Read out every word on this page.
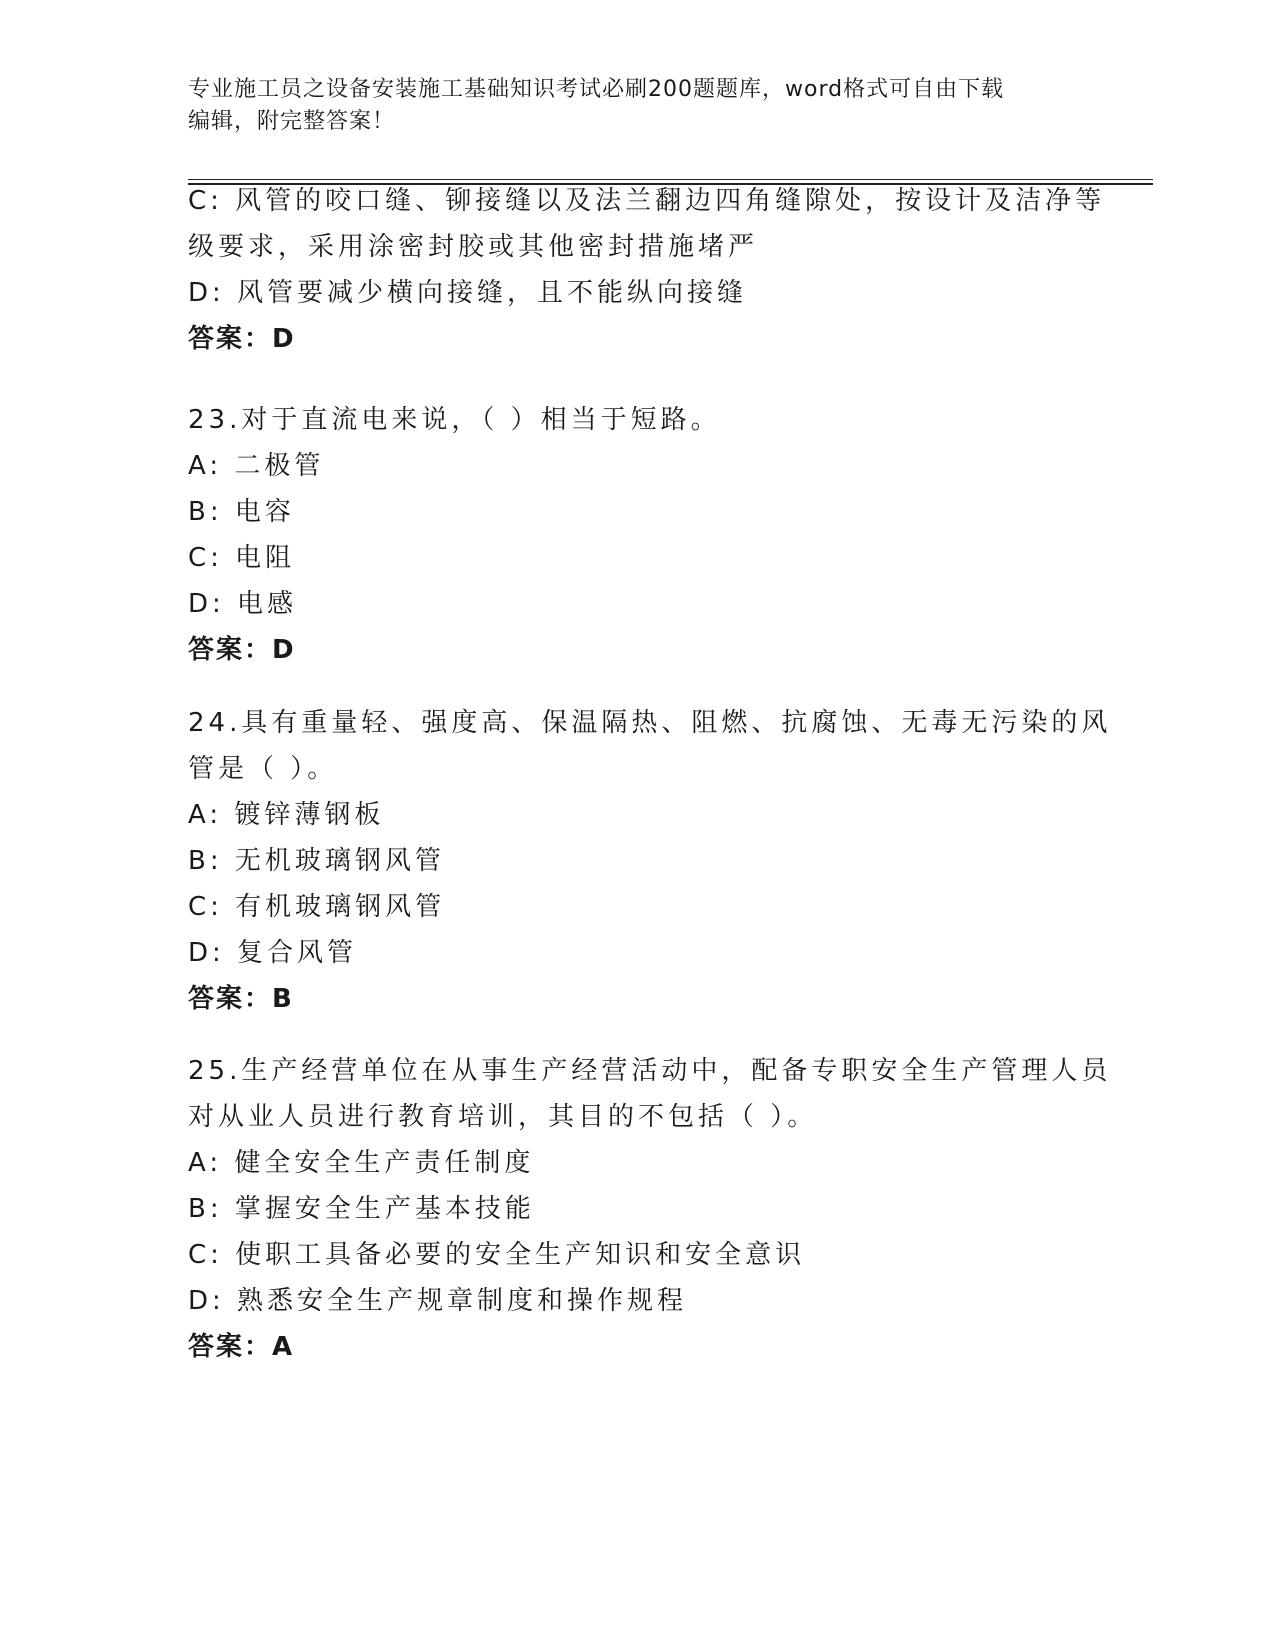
专业施工员之设备安装施工基础知识考试必刷200题题库，word格式可自由下载
编辑，附完整答案！
C: 风管的咬口缝、铆接缝以及法兰翻边四角缝隙处，按设计及洁净等
级要求，采用涂密封胶或其他密封措施堵严
D: 风管要减少横向接缝，且不能纵向接缝
答案：D
23.对于直流电来说，（ ）相当于短路。
A: 二极管
B: 电容
C: 电阻
D: 电感
答案：D
24.具有重量轻、强度高、保温隔热、阻燃、抗腐蚀、无毒无污染的风
管是（ ）。
A: 镀锌薄钢板
B: 无机玻璃钢风管
C: 有机玻璃钢风管
D: 复合风管
答案：B
25.生产经营单位在从事生产经营活动中，配备专职安全生产管理人员
对从业人员进行教育培训，其目的不包括（ ）。
A: 健全安全生产责任制度
B: 掌握安全生产基本技能
C: 使职工具备必要的安全生产知识和安全意识
D: 熟悉安全生产规章制度和操作规程
答案：A
